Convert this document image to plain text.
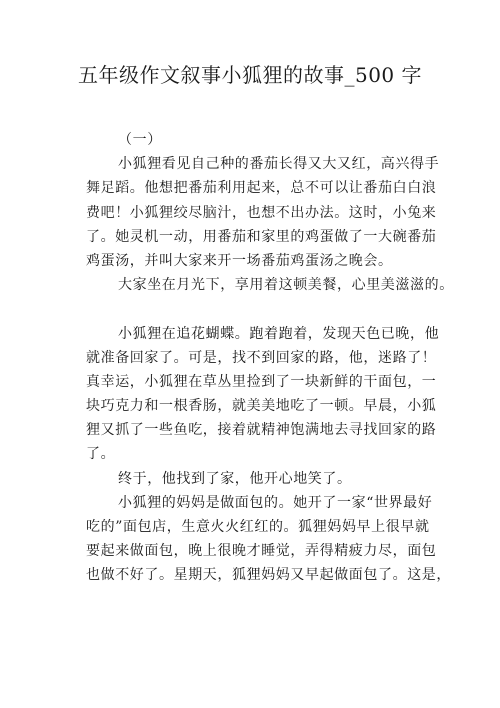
五年级作文叙事小狐狸的故事_500 字
（一）
小狐狸看见自己种的番茄长得又大又红，高兴得手
舞足蹈。他想把番茄利用起来，总不可以让番茄白白浪
费吧！小狐狸绞尽脑汁，也想不出办法。这时，小兔来
了。她灵机一动，用番茄和家里的鸡蛋做了一大碗番茄
鸡蛋汤，并叫大家来开一场番茄鸡蛋汤之晚会。
大家坐在月光下，享用着这顿美餐，心里美滋滋的。
小狐狸在追花蝴蝶。跑着跑着，发现天色已晚，他
就准备回家了。可是，找不到回家的路，他，迷路了！
真幸运，小狐狸在草丛里捡到了一块新鲜的干面包，一
块巧克力和一根香肠，就美美地吃了一顿。早晨，小狐
狸又抓了一些鱼吃，接着就精神饱满地去寻找回家的路
了。
终于，他找到了家，他开心地笑了。
小狐狸的妈妈是做面包的。她开了一家“世界最好
吃的”面包店，生意火火红红的。狐狸妈妈早上很早就
要起来做面包，晚上很晚才睡觉，弄得精疲力尽，面包
也做不好了。星期天，狐狸妈妈又早起做面包了。这是，
